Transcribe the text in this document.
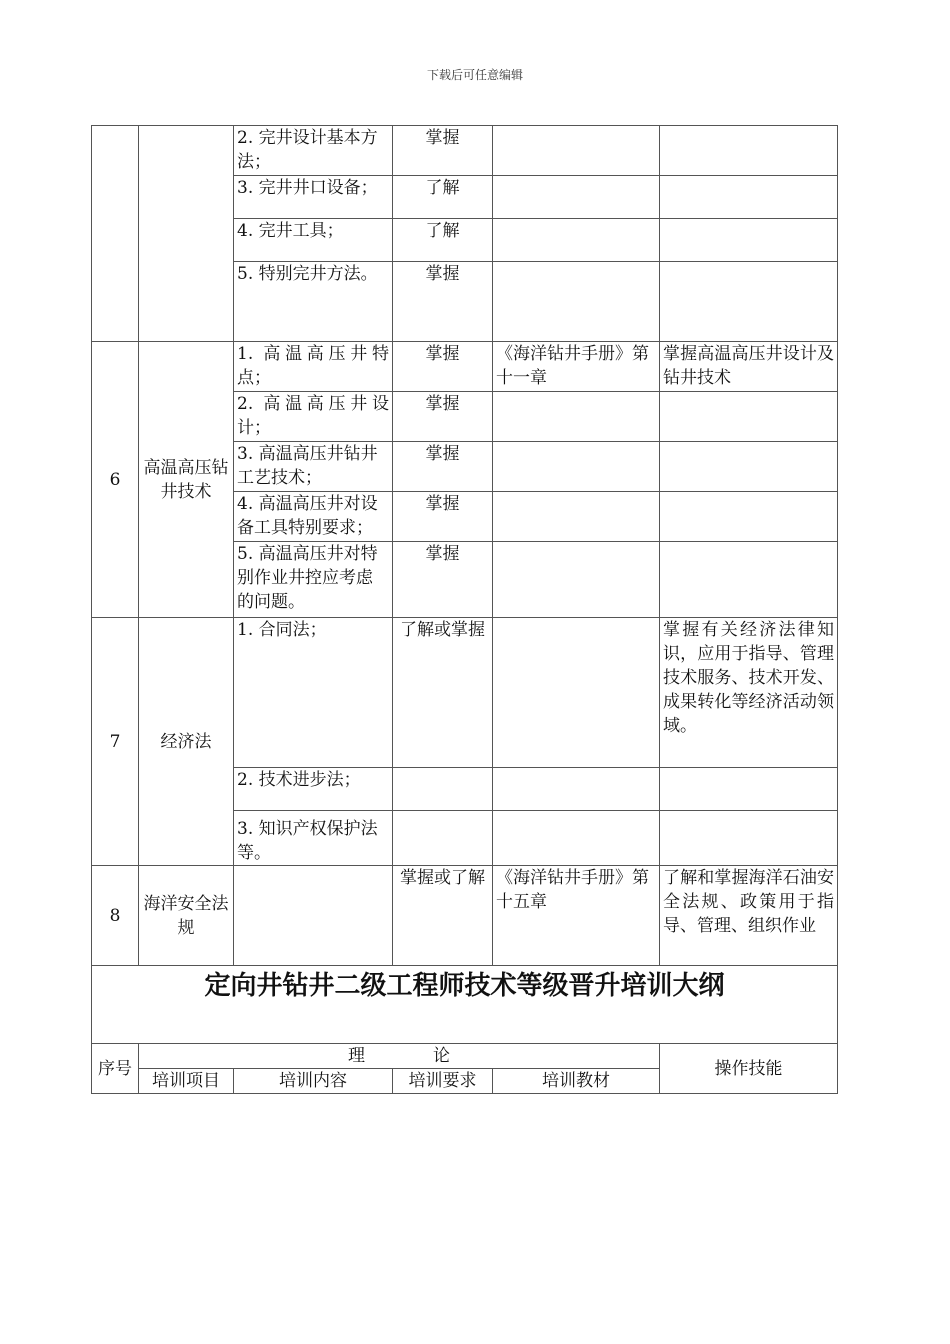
下载后可任意编辑
		2. 完井设计基本方法；	掌握		
		3. 完井井口设备；	了解		
		4. 完井工具；	了解		
		5. 特别完井方法。	掌握		
6	高温高压钻井技术	1. 高温高压井特点；	掌握	《海洋钻井手册》第十一章	掌握高温高压井设计及钻井技术
		2. 高温高压井设计；	掌握		
		3. 高温高压井钻井工艺技术；	掌握		
		4. 高温高压井对设备工具特别要求；	掌握		
		5. 高温高压井对特别作业井控应考虑的问题。	掌握		
7	经济法	1. 合同法；	了解或掌握		掌握有关经济法律知识，应用于指导、管理技术服务、技术开发、成果转化等经济活动领域。
		2. 技术进步法；			
		3. 知识产权保护法等。			
8	海洋安全法规		掌握或了解	《海洋钻井手册》第十五章	了解和掌握海洋石油安全法规、政策用于指导、管理、组织作业
定向井钻井二级工程师技术等级晋升培训大纲					
序号	理　　　　论				操作技能
	培训项目	培训内容	培训要求	培训教材	
